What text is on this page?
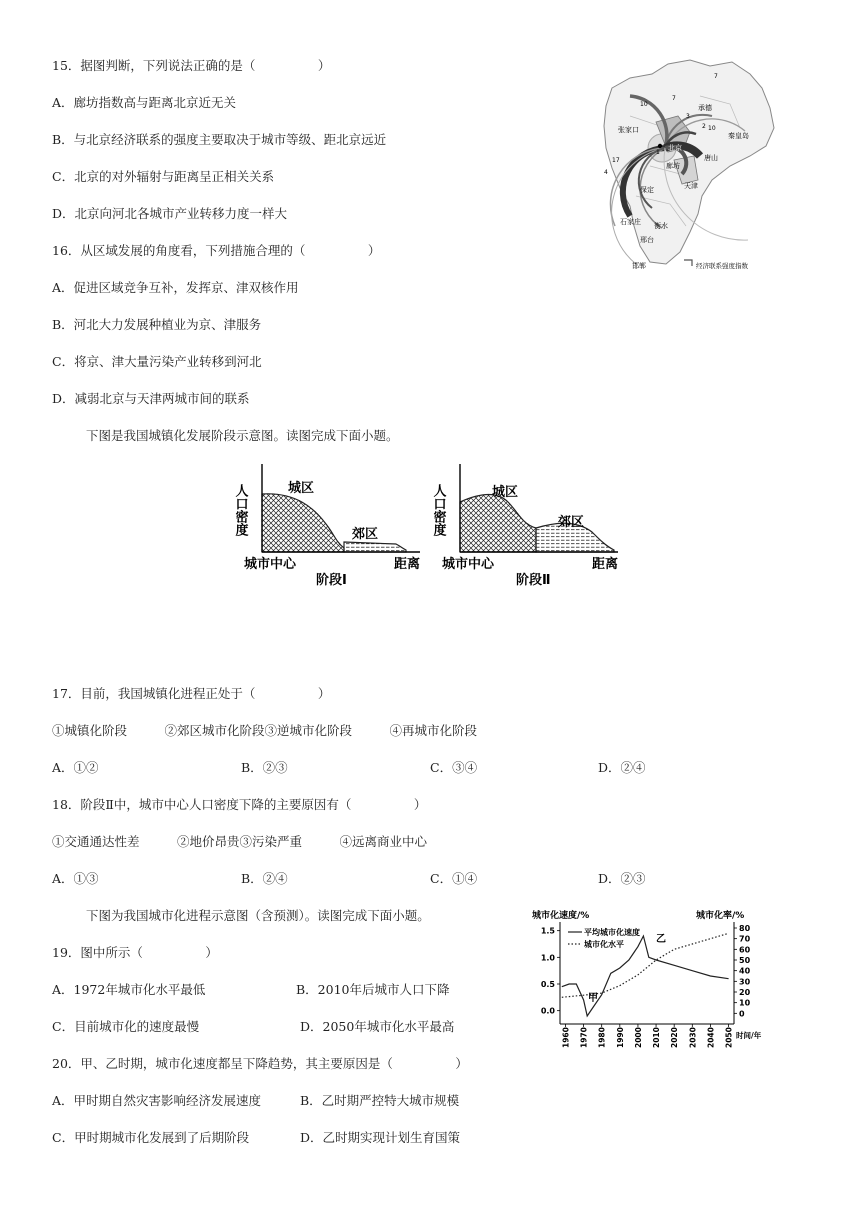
15．据图判断，下列说法正确的是（　　　　　）
A．廊坊指数高与距离北京近无关
B．与北京经济联系的强度主要取决于城市等级、距北京远近
C．北京的对外辐射与距离呈正相关关系
D．北京向河北各城市产业转移力度一样大
16．从区域发展的角度看，下列措施合理的（　　　　　）
A．促进区域竞争互补，发挥京、津双核作用
B．河北大力发展种植业为京、津服务
C．将京、津大量污染产业转移到河北
D．减弱北京与天津两城市间的联系
承德
张家口
秦皇岛
北京
廊坊
唐山
天津
保定
石家庄 衡水
邢台
邯郸
7
10
7
3
2
1
10
17
4
经济联系强度指数
下图是我国城镇化发展阶段示意图。读图完成下面小题。
人口密度	城区
郊区
城市中心	距离
阶段Ⅰ
人口密度	城区
郊区
城市中心	距离
阶段Ⅱ
17．目前，我国城镇化进程正处于（　　　　　）
①城镇化阶段　　　②郊区城市化阶段③逆城市化阶段　　　④再城市化阶段
A．①②	B．②③	C．③④	D．②④
18．阶段Ⅱ中，城市中心人口密度下降的主要原因有（　　　　　）
①交通通达性差　　　②地价昂贵③污染严重　　　④远离商业中心
A．①③	B．②④	C．①④	D．②③
下图为我国城市化进程示意图（含预测）。读图完成下面小题。
19．图中所示（　　　　　）
A．1972年城市化水平最低	B．2010年后城市人口下降
C．目前城市化的速度最慢	D．2050年城市化水平最高
20．甲、乙时期，城市化速度都呈下降趋势，其主要原因是（　　　　　）
A．甲时期自然灾害影响经济发展速度	B．乙时期严控特大城市规模
C．甲时期城市化发展到了后期阶段	D．乙时期实现计划生育国策
城市化速度/%	城市化率/%
0.0
0.5
1.0
1.5
0
10
20
30
40
50
60
70
80
1960 1970 1980 1990 2000 2010 2020 2030 2040 2050 时间/年
平均城市化速度
城市化水平
甲
乙
